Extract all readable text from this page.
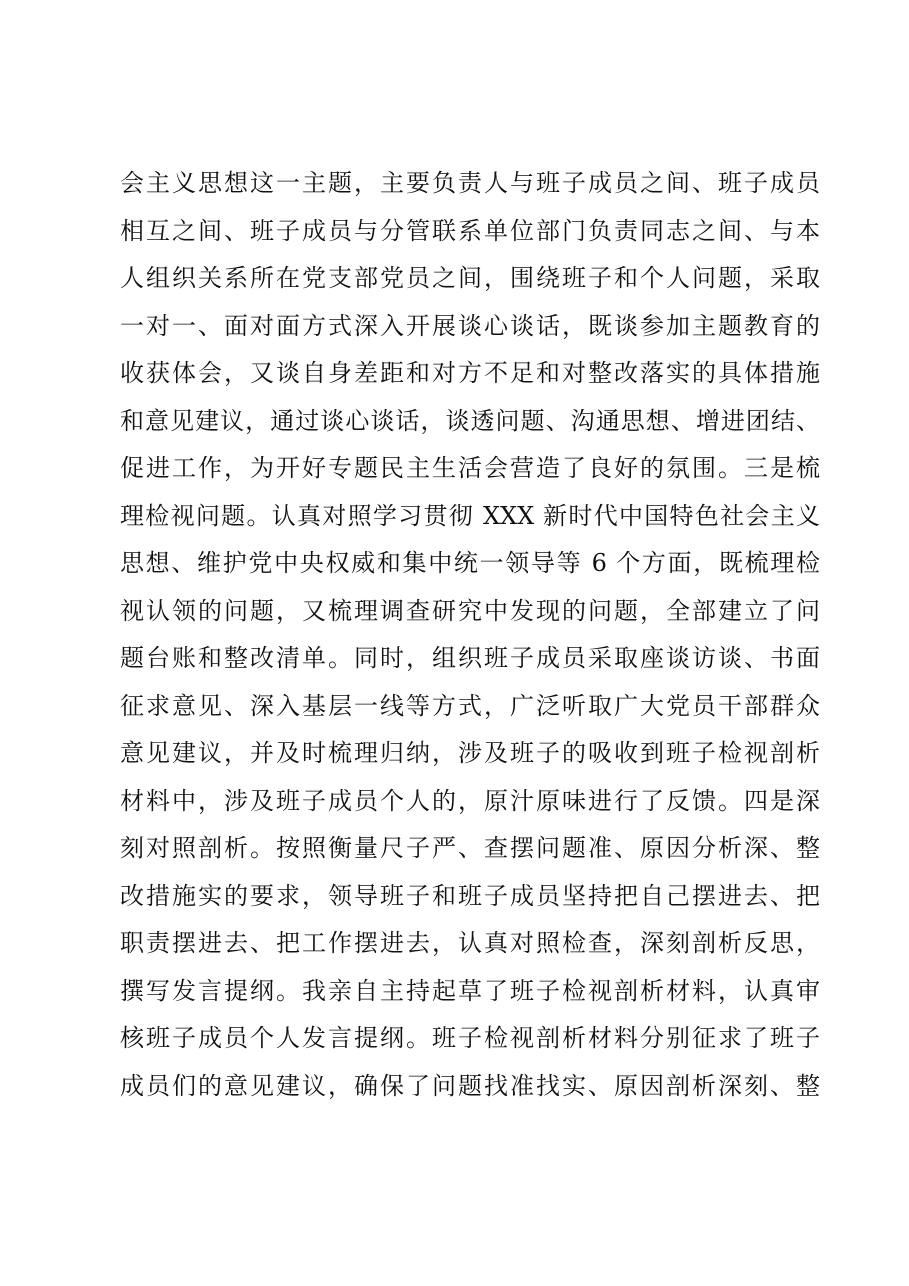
会主义思想这一主题，主要负责人与班子成员之间、班子成员
相互之间、班子成员与分管联系单位部门负责同志之间、与本
人组织关系所在党支部党员之间，围绕班子和个人问题，采取
一对一、面对面方式深入开展谈心谈话，既谈参加主题教育的
收获体会，又谈自身差距和对方不足和对整改落实的具体措施
和意见建议，通过谈心谈话，谈透问题、沟通思想、增进团结、
促进工作，为开好专题民主生活会营造了良好的氛围。三是梳
理检视问题。认真对照学习贯彻 XXX 新时代中国特色社会主义
思想、维护党中央权威和集中统一领导等 6 个方面，既梳理检
视认领的问题，又梳理调查研究中发现的问题，全部建立了问
题台账和整改清单。同时，组织班子成员采取座谈访谈、书面
征求意见、深入基层一线等方式，广泛听取广大党员干部群众
意见建议，并及时梳理归纳，涉及班子的吸收到班子检视剖析
材料中，涉及班子成员个人的，原汁原味进行了反馈。四是深
刻对照剖析。按照衡量尺子严、查摆问题准、原因分析深、整
改措施实的要求，领导班子和班子成员坚持把自己摆进去、把
职责摆进去、把工作摆进去，认真对照检查，深刻剖析反思，
撰写发言提纲。我亲自主持起草了班子检视剖析材料，认真审
核班子成员个人发言提纲。班子检视剖析材料分别征求了班子
成员们的意见建议，确保了问题找准找实、原因剖析深刻、整
